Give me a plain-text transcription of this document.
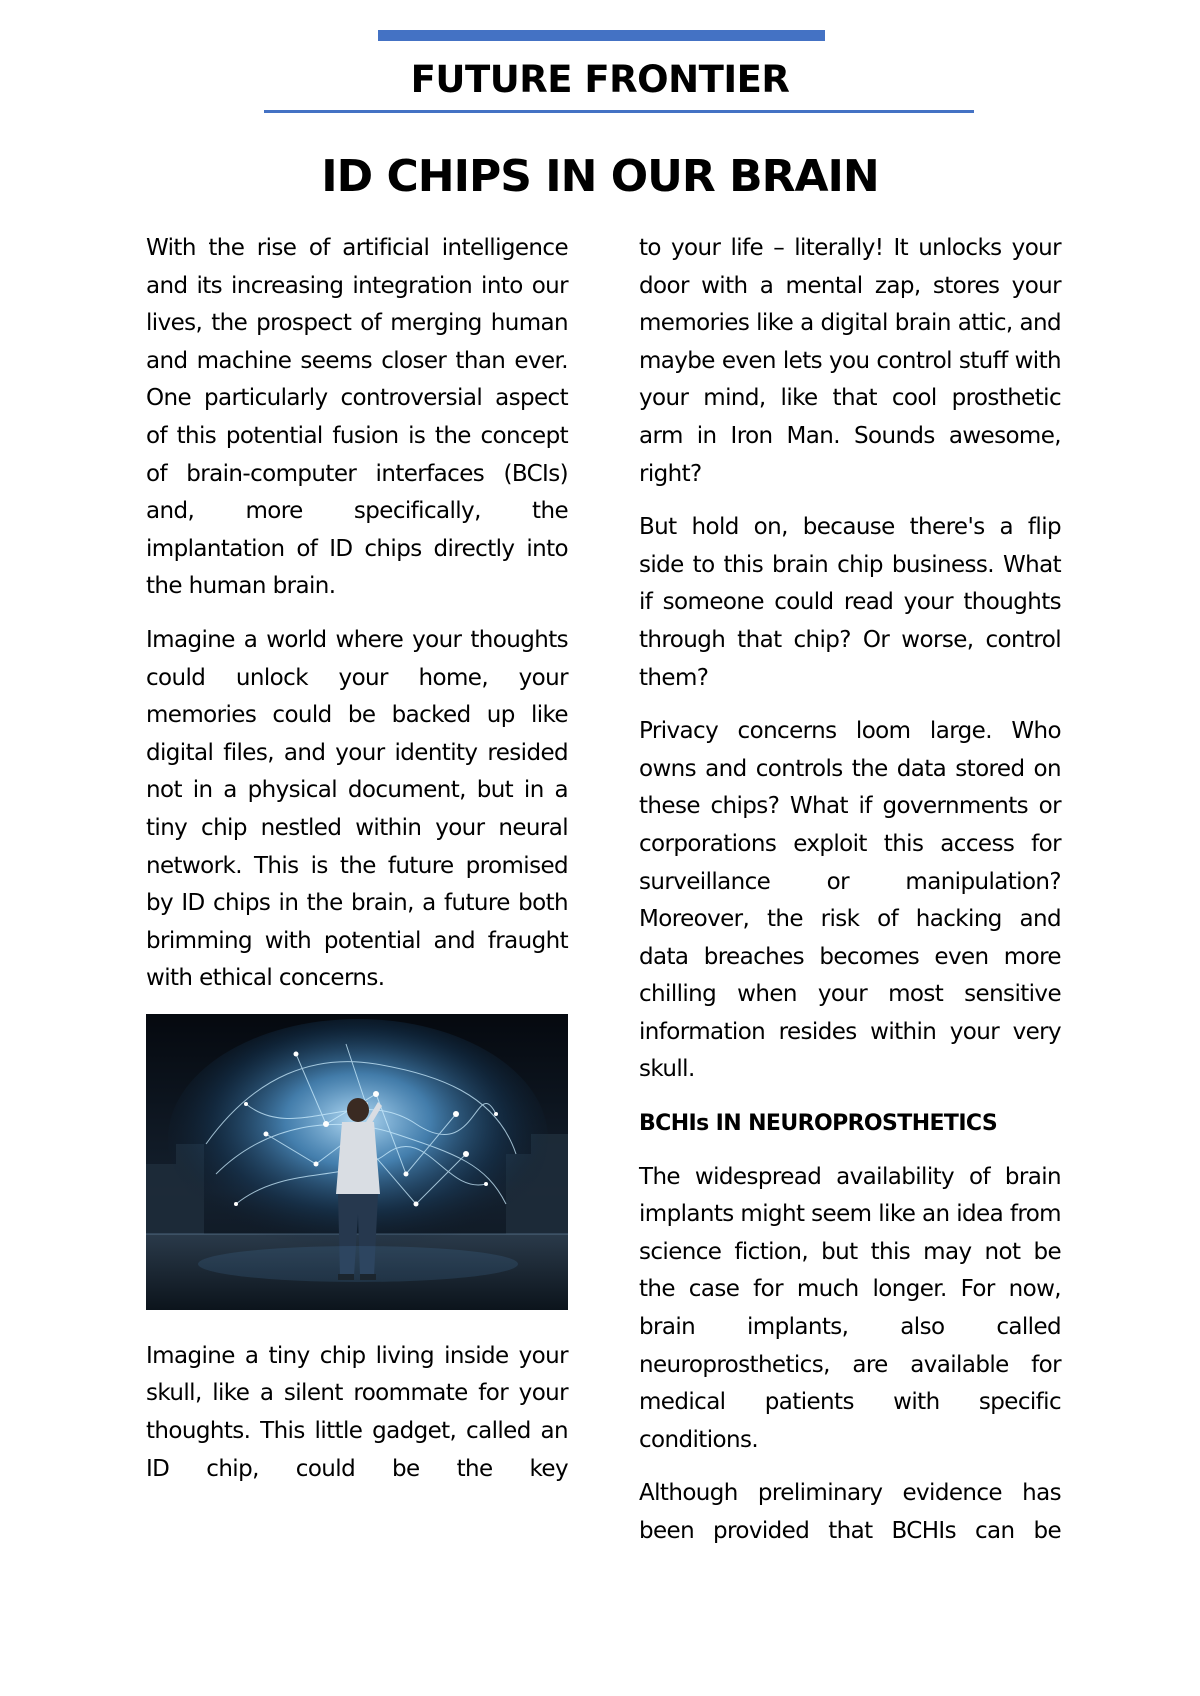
FUTURE FRONTIER
ID CHIPS IN OUR BRAIN

With the rise of artificial intelligence and its increasing integration into our lives, the prospect of merging human and machine seems closer than ever. One particularly controversial aspect of this potential fusion is the concept of brain-computer interfaces (BCIs) and, more specifically, the implantation of ID chips directly into the human brain.

Imagine a world where your thoughts could unlock your home, your memories could be backed up like digital files, and your identity resided not in a physical document, but in a tiny chip nestled within your neural network. This is the future promised by ID chips in the brain, a future both brimming with potential and fraught with ethical concerns.

Imagine a tiny chip living inside your skull, like a silent roommate for your thoughts. This little gadget, called an ID chip, could be the key

to your life – literally! It unlocks your door with a mental zap, stores your memories like a digital brain attic, and maybe even lets you control stuff with your mind, like that cool prosthetic arm in Iron Man. Sounds awesome, right?

But hold on, because there's a flip side to this brain chip business. What if someone could read your thoughts through that chip? Or worse, control them?

Privacy concerns loom large. Who owns and controls the data stored on these chips? What if governments or corporations exploit this access for surveillance or manipulation? Moreover, the risk of hacking and data breaches becomes even more chilling when your most sensitive information resides within your very skull.

BCHIs IN NEUROPROSTHETICS

The widespread availability of brain implants might seem like an idea from science fiction, but this may not be the case for much longer. For now, brain implants, also called neuroprosthetics, are available for medical patients with specific conditions.

Although preliminary evidence has been provided that BCHIs can be
